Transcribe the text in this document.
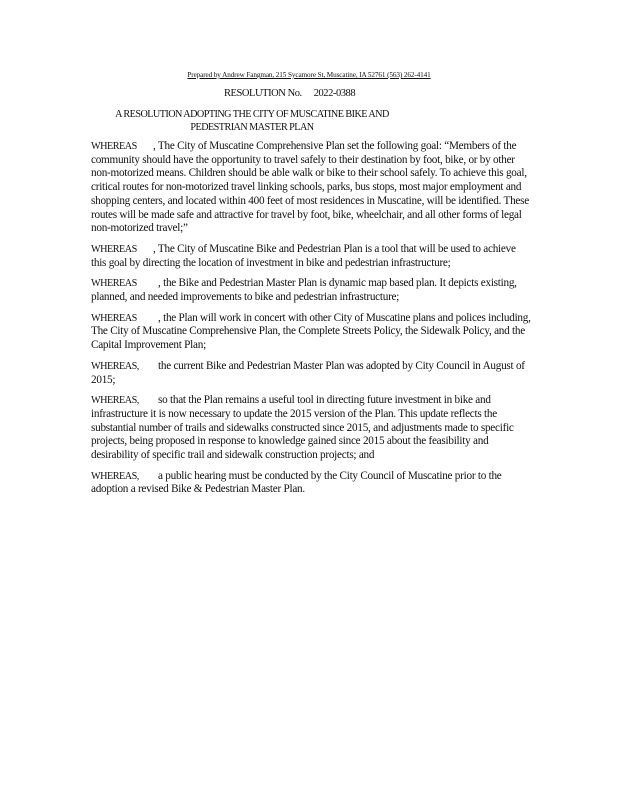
Prepared by Andrew Fangman, 215 Sycamore St, Muscatine, IA 52761 (563) 262-4141
RESOLUTION No. 2022-0388
A RESOLUTION ADOPTING THE CITY OF MUSCATINE BIKE AND
PEDESTRIAN MASTER PLAN

WHEREAS , The City of Muscatine Comprehensive Plan set the following goal: “Members of the community should have the opportunity to travel safely to their destination by foot, bike, or by other non-motorized means. Children should be able walk or bike to their school safely. To achieve this goal, critical routes for non-motorized travel linking schools, parks, bus stops, most major employment and shopping centers, and located within 400 feet of most residences in Muscatine, will be identified. These routes will be made safe and attractive for travel by foot, bike, wheelchair, and all other forms of legal non-motorized travel;”

WHEREAS , The City of Muscatine Bike and Pedestrian Plan is a tool that will be used to achieve this goal by directing the location of investment in bike and pedestrian infrastructure;

WHEREAS , the Bike and Pedestrian Master Plan is dynamic map based plan. It depicts existing, planned, and needed improvements to bike and pedestrian infrastructure;

WHEREAS , the Plan will work in concert with other City of Muscatine plans and polices including, The City of Muscatine Comprehensive Plan, the Complete Streets Policy, the Sidewalk Policy, and the Capital Improvement Plan;

WHEREAS, the current Bike and Pedestrian Master Plan was adopted by City Council in August of 2015;

WHEREAS, so that the Plan remains a useful tool in directing future investment in bike and infrastructure it is now necessary to update the 2015 version of the Plan. This update reflects the substantial number of trails and sidewalks constructed since 2015, and adjustments made to specific projects, being proposed in response to knowledge gained since 2015 about the feasibility and desirability of specific trail and sidewalk construction projects; and

WHEREAS, a public hearing must be conducted by the City Council of Muscatine prior to the adoption a revised Bike & Pedestrian Master Plan.
